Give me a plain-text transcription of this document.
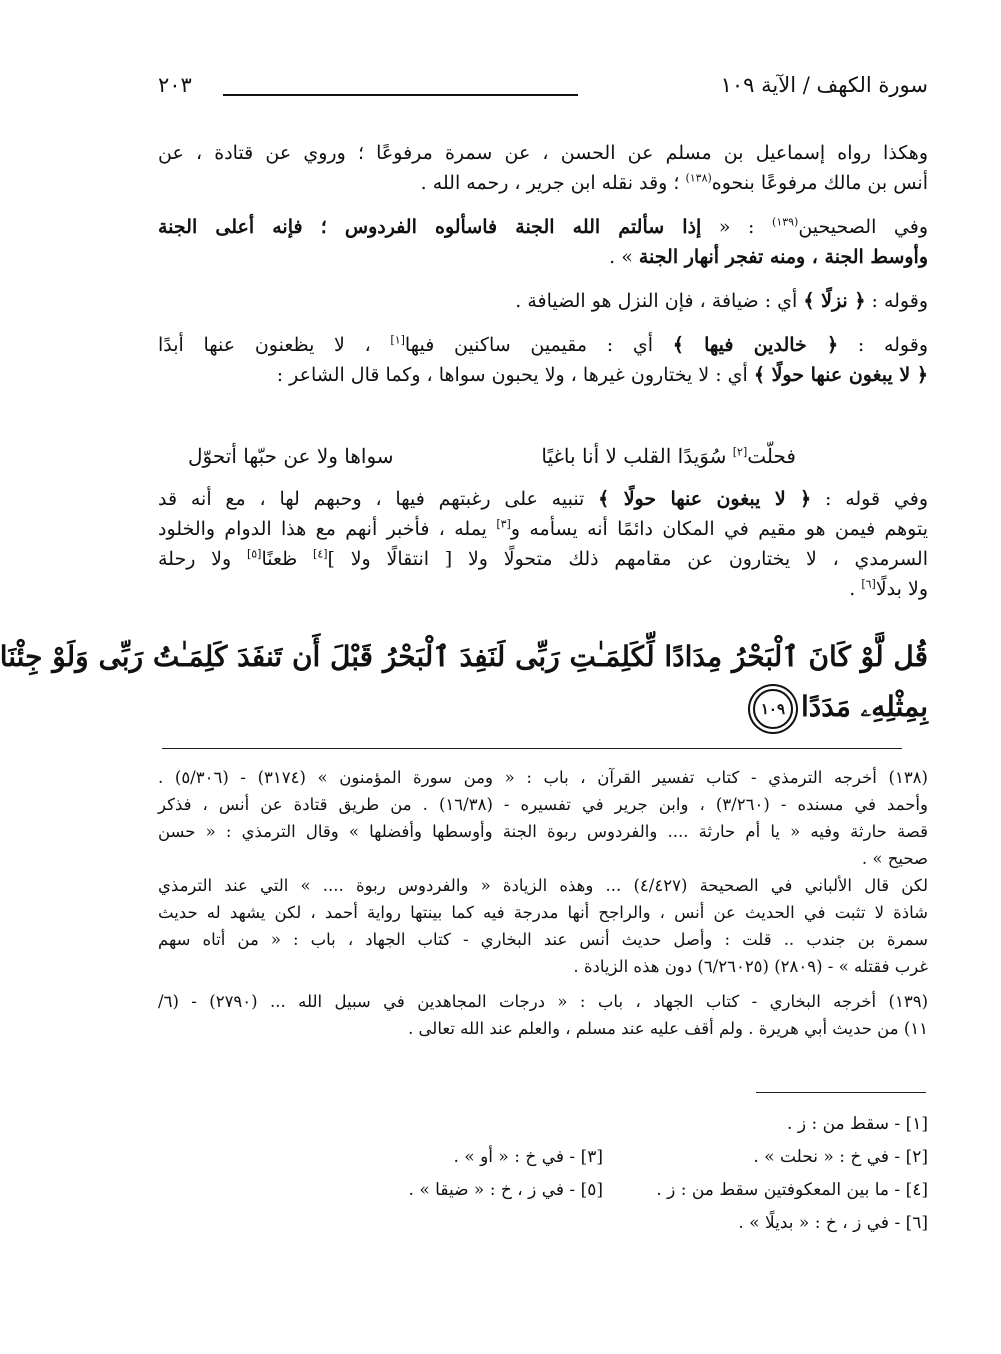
سورة الكهف / الآية ١٠٩
٢٠٣
وهكذا رواه إسماعيل بن مسلم عن الحسن ، عن سمرة مرفوعًا ؛ وروي عن قتادة ، عن
أنس بن مالك مرفوعًا بنحوه$^{(١٣٨)}$ ؛ وقد نقله ابن جرير ، رحمه الله .
وفي الصحيحين$^{(١٣٩)}$ : « إذا سألتم الله الجنة فاسألوه الفردوس ؛ فإنه أعلى الجنة
وأوسط الجنة ، ومنه تفجر أنهار الجنة » .
وقوله : ﴿ نزلًا ﴾ أي : ضيافة ، فإن النزل هو الضيافة .
وقوله : ﴿ خالدين فيها ﴾ أي : مقيمين ساكنين فيها[١] ، لا يظعنون عنها أبدًا
﴿ لا يبغون عنها حولًا ﴾ أي : لا يختارون غيرها ، ولا يحبون سواها ، وكما قال الشاعر :
فحلّت[٢] سُوَيدًا القلب لا أنا باغيًا
سواها ولا عن حبّها أتحوّل
وفي قوله : ﴿ لا يبغون عنها حولًا ﴾ تنبيه على رغبتهم فيها ، وحبهم لها ، مع أنه قد
يتوهم فيمن هو مقيم في المكان دائمًا أنه يسأمه و[٣] يمله ، فأخبر أنهم مع هذا الدوام والخلود
السرمدي ، لا يختارون عن مقامهم ذلك متحولًا ولا [ انتقالًا ولا ][٤] ظعنًا[٥] ولا رحلة
ولا بدلًا[٦] .
قُل لَّوْ كَانَ ٱلْبَحْرُ مِدَادًا لِّكَلِمَـٰتِ رَبِّى لَنَفِدَ ٱلْبَحْرُ قَبْلَ أَن تَنفَدَ كَلِمَـٰتُ رَبِّى وَلَوْ جِئْنَا
بِمِثْلِهِۦ مَدَدًا١٠٩
(١٣٨) أخرجه الترمذي - كتاب تفسير القرآن ، باب : « ومن سورة المؤمنون » (٣١٧٤) - (٥/٣٠٦) .
وأحمد في مسنده - (٣/٢٦٠) ، وابن جرير في تفسيره - (١٦/٣٨) . من طريق قتادة عن أنس ، فذكر
قصة حارثة وفيه « يا أم حارثة .... والفردوس ربوة الجنة وأوسطها وأفضلها » وقال الترمذي : « حسن
صحيح » .
لكن قال الألباني في الصحيحة (٤/٤٢٧) ... وهذه الزيادة « والفردوس ربوة .... » التي عند الترمذي
شاذة لا تثبت في الحديث عن أنس ، والراجح أنها مدرجة فيه كما بينتها رواية أحمد ، لكن يشهد له حديث
سمرة بن جندب .. قلت : وأصل حديث أنس عند البخاري - كتاب الجهاد ، باب : « من أتاه سهم
غرب فقتله » - (٢٨٠٩) (٦/٢٦٠٢٥) دون هذه الزيادة .
(١٣٩) أخرجه البخاري - كتاب الجهاد ، باب : « درجات المجاهدين في سبيل الله ... (٢٧٩٠) - (٦/
١١) من حديث أبي هريرة . ولم أقف عليه عند مسلم ، والعلم عند الله تعالى .
[١] - سقط من : ز .
[٢] - في خ : « نحلت » .
[٣] - في خ : « أو » .
[٤] - ما بين المعكوفتين سقط من : ز .
[٥] - في ز ، خ : « ضيقا » .
[٦] - في ز ، خ : « بديلًا » .
